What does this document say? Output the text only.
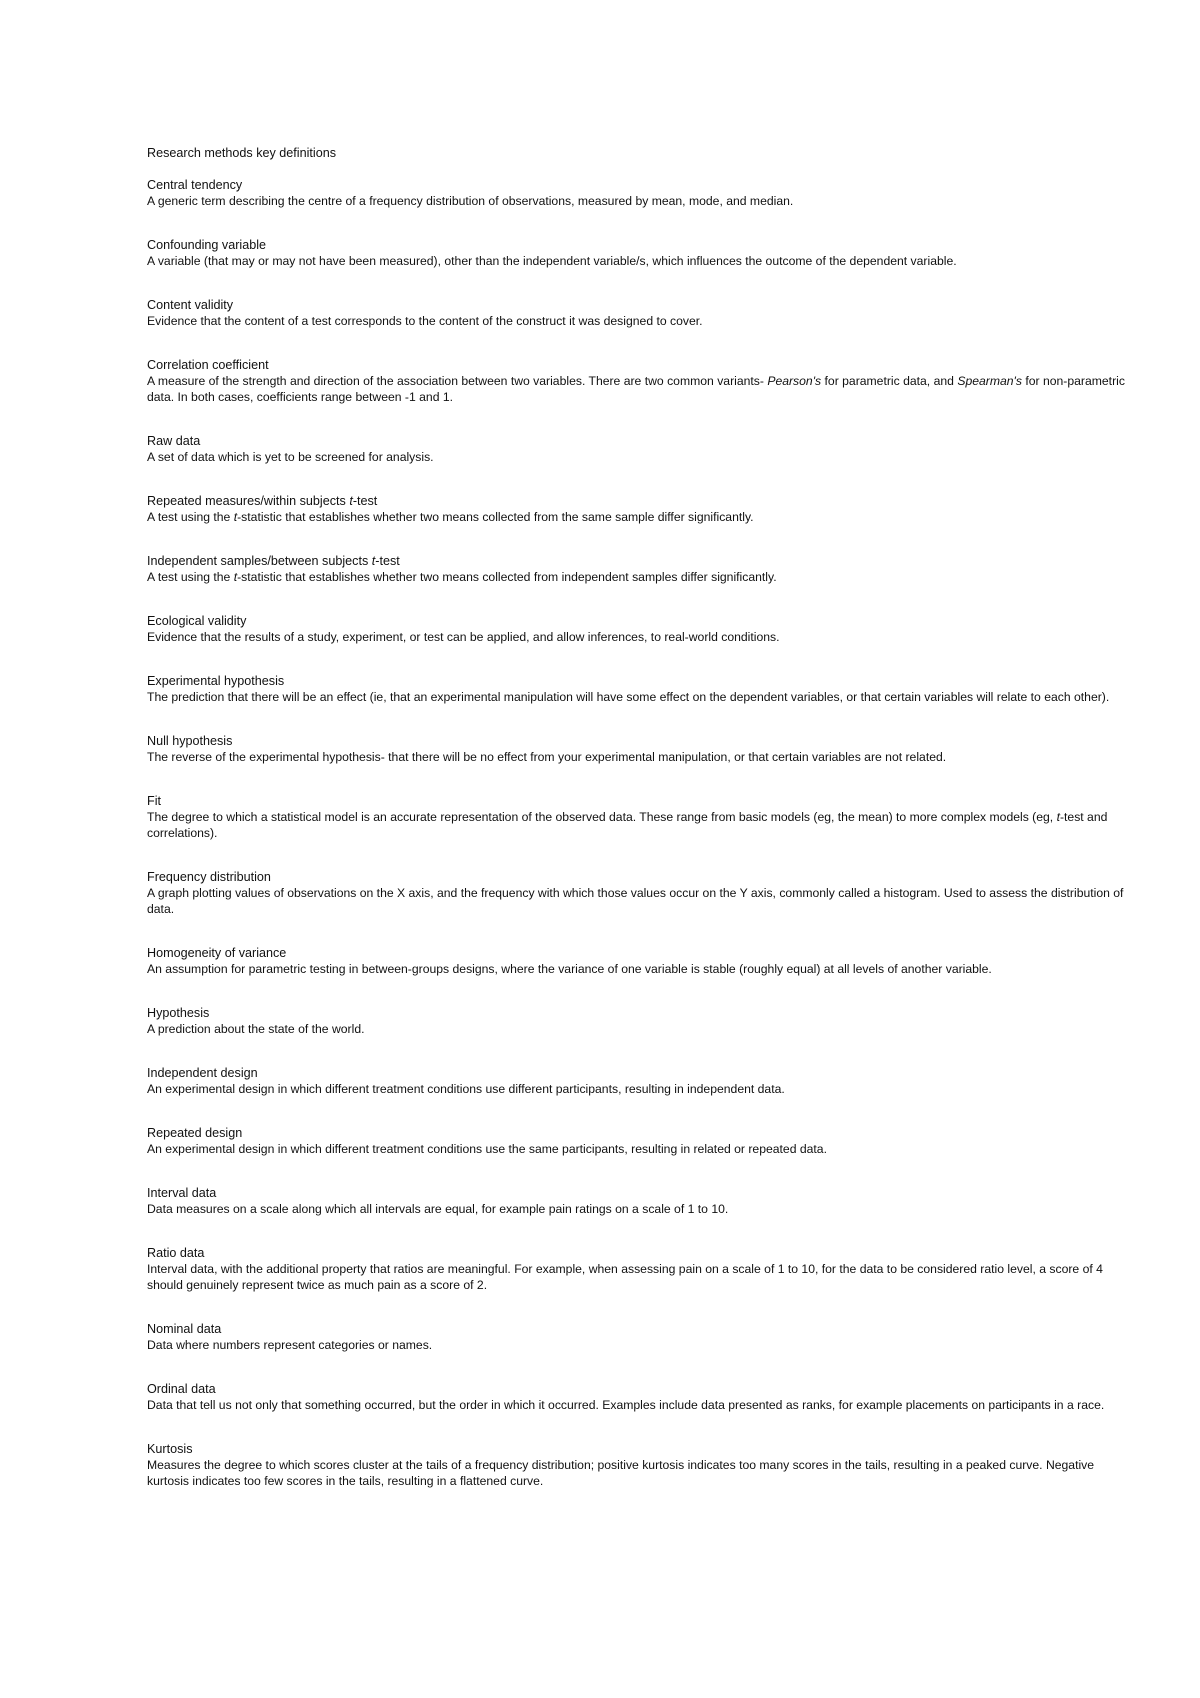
Research methods key definitions
Central tendency
A generic term describing the centre of a frequency distribution of observations, measured by mean, mode, and median.
Confounding variable
A variable (that may or may not have been measured), other than the independent variable/s, which influences the outcome of the dependent variable.
Content validity
Evidence that the content of a test corresponds to the content of the construct it was designed to cover.
Correlation coefficient
A measure of the strength and direction of the association between two variables. There are two common variants- Pearson's for parametric data, and Spearman's for non-parametric data. In both cases, coefficients range between -1 and 1.
Raw data
A set of data which is yet to be screened for analysis.
Repeated measures/within subjects t-test
A test using the t-statistic that establishes whether two means collected from the same sample differ significantly.
Independent samples/between subjects t-test
A test using the t-statistic that establishes whether two means collected from independent samples differ significantly.
Ecological validity
Evidence that the results of a study, experiment, or test can be applied, and allow inferences, to real-world conditions.
Experimental hypothesis
The prediction that there will be an effect (ie, that an experimental manipulation will have some effect on the dependent variables, or that certain variables will relate to each other).
Null hypothesis
The reverse of the experimental hypothesis- that there will be no effect from your experimental manipulation, or that certain variables are not related.
Fit
The degree to which a statistical model is an accurate representation of the observed data. These range from basic models (eg, the mean) to more complex models (eg, t-test and correlations).
Frequency distribution
A graph plotting values of observations on the X axis, and the frequency with which those values occur on the Y axis, commonly called a histogram. Used to assess the distribution of data.
Homogeneity of variance
An assumption for parametric testing in between-groups designs, where the variance of one variable is stable (roughly equal) at all levels of another variable.
Hypothesis
A prediction about the state of the world.
Independent design
An experimental design in which different treatment conditions use different participants, resulting in independent data.
Repeated design
An experimental design in which different treatment conditions use the same participants, resulting in related or repeated data.
Interval data
Data measures on a scale along which all intervals are equal, for example pain ratings on a scale of 1 to 10.
Ratio data
Interval data, with the additional property that ratios are meaningful. For example, when assessing pain on a scale of 1 to 10, for the data to be considered ratio level, a score of 4 should genuinely represent twice as much pain as a score of 2.
Nominal data
Data where numbers represent categories or names.
Ordinal data
Data that tell us not only that something occurred, but the order in which it occurred. Examples include data presented as ranks, for example placements on participants in a race.
Kurtosis
Measures the degree to which scores cluster at the tails of a frequency distribution; positive kurtosis indicates too many scores in the tails, resulting in a peaked curve. Negative kurtosis indicates too few scores in the tails, resulting in a flattened curve.
